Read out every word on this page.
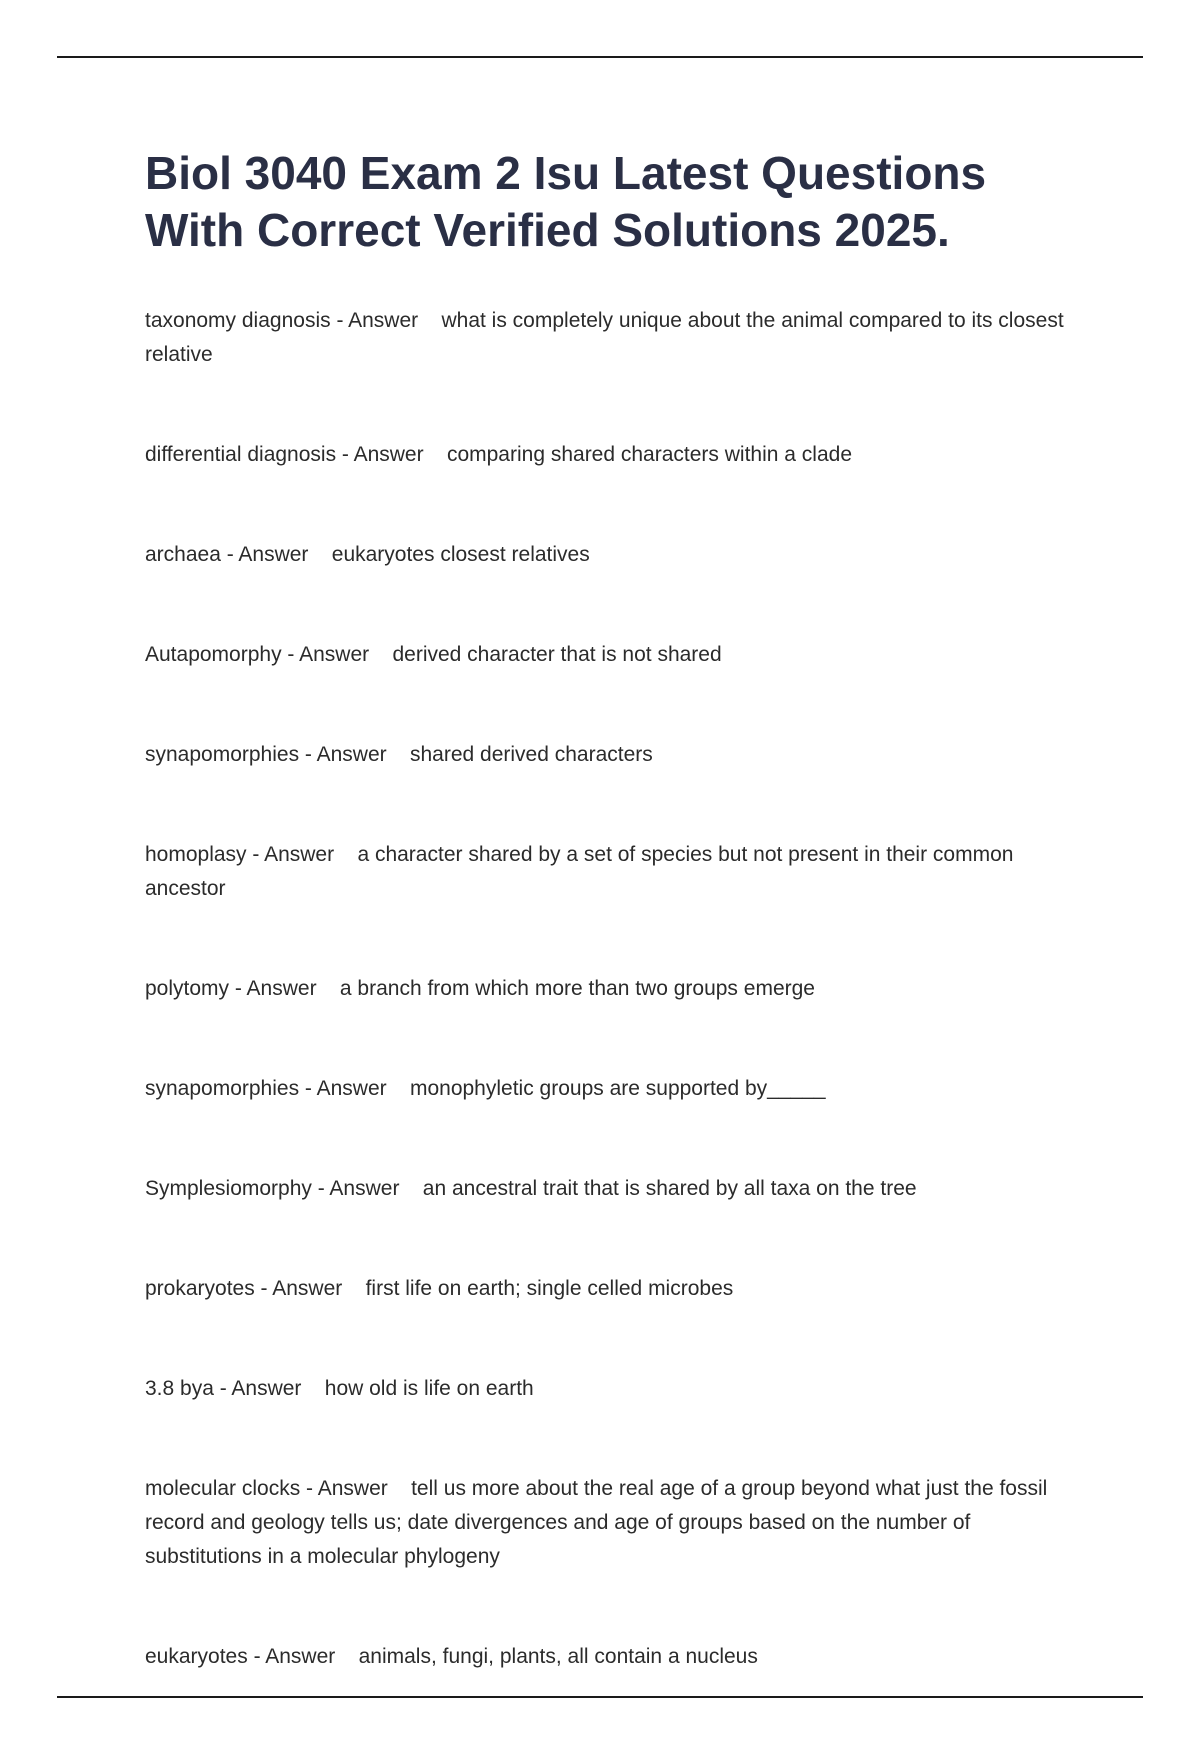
Biol 3040 Exam 2 Isu Latest Questions With Correct Verified Solutions 2025.
taxonomy diagnosis - Answer    what is completely unique about the animal compared to its closest relative
differential diagnosis - Answer    comparing shared characters within a clade
archaea - Answer    eukaryotes closest relatives
Autapomorphy - Answer    derived character that is not shared
synapomorphies - Answer    shared derived characters
homoplasy - Answer    a character shared by a set of species but not present in their common ancestor
polytomy - Answer    a branch from which more than two groups emerge
synapomorphies - Answer    monophyletic groups are supported by_____
Symplesiomorphy - Answer    an ancestral trait that is shared by all taxa on the tree
prokaryotes - Answer    first life on earth; single celled microbes
3.8 bya - Answer    how old is life on earth
molecular clocks - Answer    tell us more about the real age of a group beyond what just the fossil record and geology tells us; date divergences and age of groups based on the number of substitutions in a molecular phylogeny
eukaryotes - Answer    animals, fungi, plants, all contain a nucleus
